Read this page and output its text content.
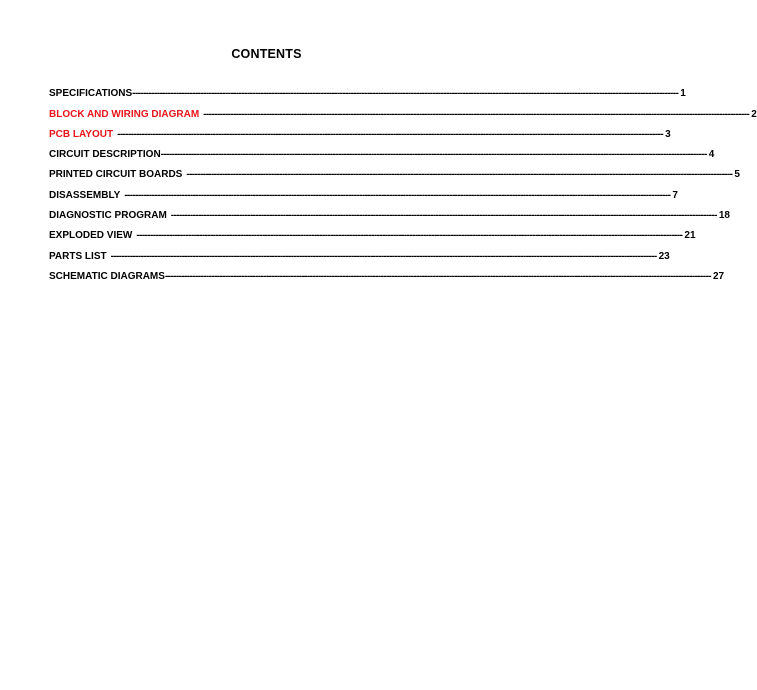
CONTENTS
SPECIFICATIONS -------------------------------------------------------------------------------------------------------------------------------------------------------------------------------------------------------- 1
BLOCK AND WIRING DIAGRAM -------------------------------------------------------------------------------------------------------------------------------------------------------------------------------------------------------- 2
PCB LAYOUT -------------------------------------------------------------------------------------------------------------------------------------------------------------------------------------------------------- 3
CIRCUIT DESCRIPTION -------------------------------------------------------------------------------------------------------------------------------------------------------------------------------------------------------- 4
PRINTED CIRCUIT BOARDS -------------------------------------------------------------------------------------------------------------------------------------------------------------------------------------------------------- 5
DISASSEMBLY -------------------------------------------------------------------------------------------------------------------------------------------------------------------------------------------------------- 7
DIAGNOSTIC PROGRAM -------------------------------------------------------------------------------------------------------------------------------------------------------------------------------------------------------- 18
EXPLODED VIEW -------------------------------------------------------------------------------------------------------------------------------------------------------------------------------------------------------- 21
PARTS LIST -------------------------------------------------------------------------------------------------------------------------------------------------------------------------------------------------------- 23
SCHEMATIC DIAGRAMS -------------------------------------------------------------------------------------------------------------------------------------------------------------------------------------------------------- 27
